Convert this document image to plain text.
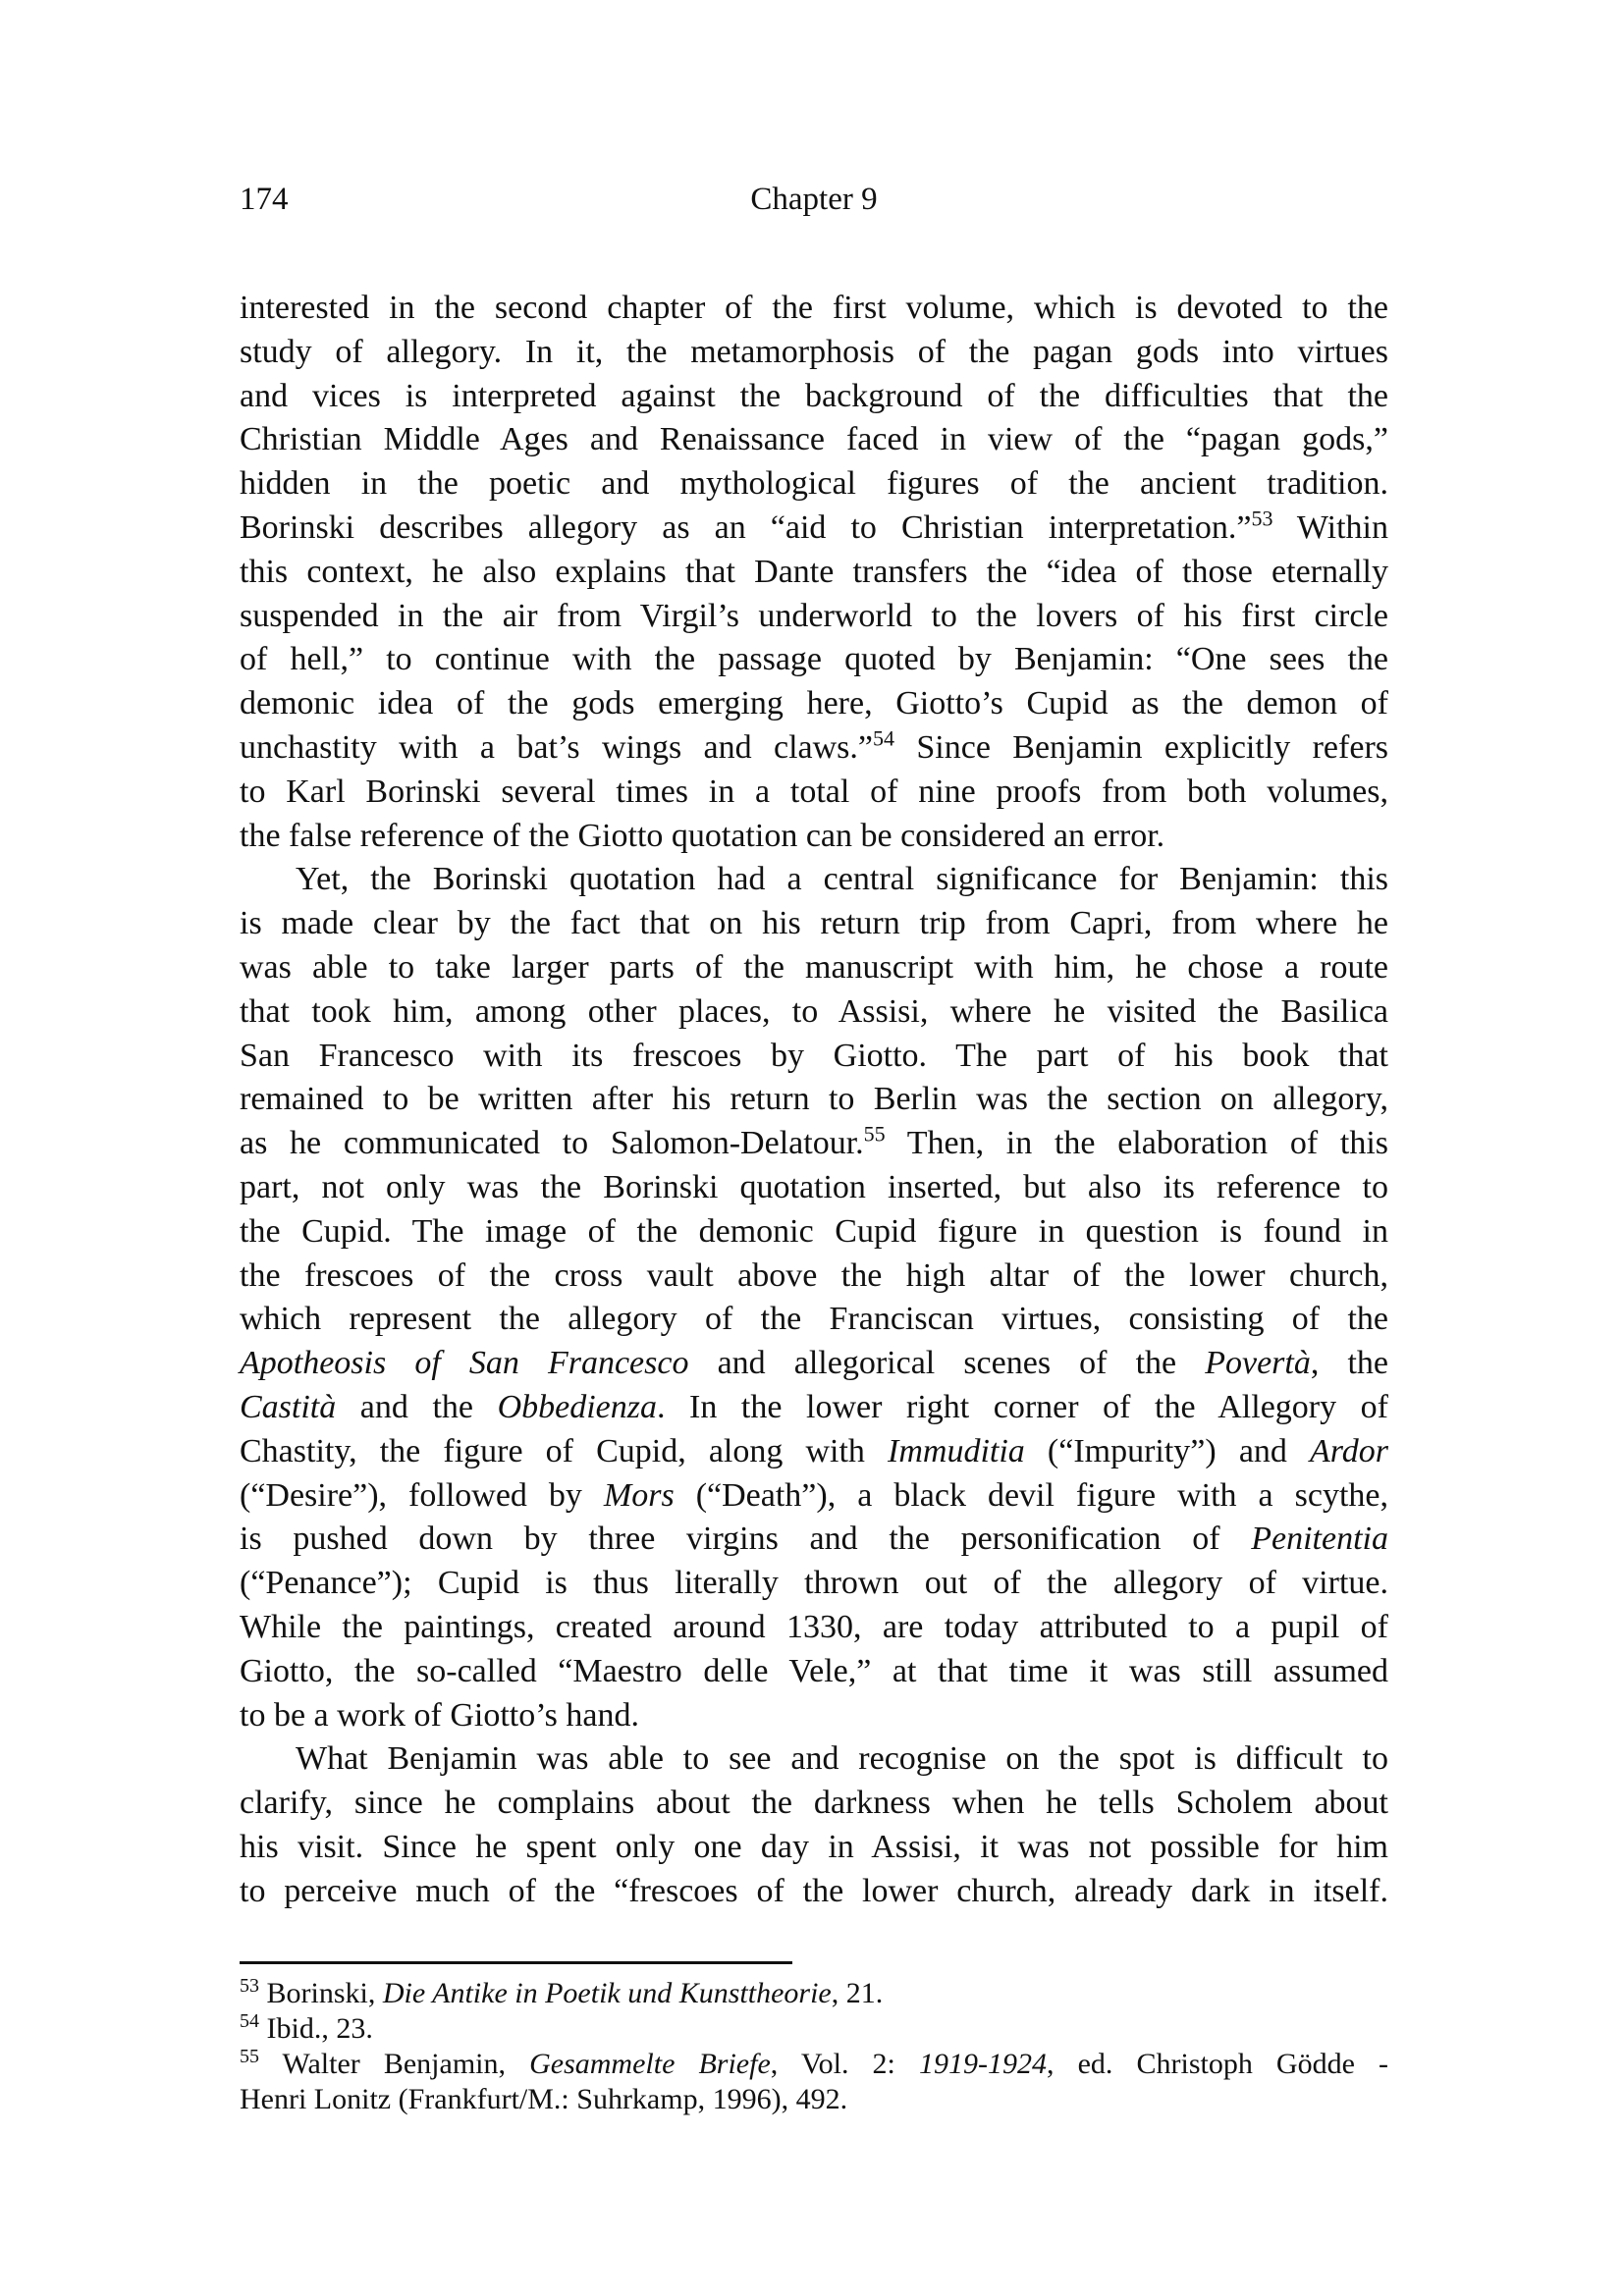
174	Chapter 9

interested in the second chapter of the first volume, which is devoted to the
study of allegory. In it, the metamorphosis of the pagan gods into virtues
and vices is interpreted against the background of the difficulties that the
Christian Middle Ages and Renaissance faced in view of the “pagan gods,”
hidden in the poetic and mythological figures of the ancient tradition.
Borinski describes allegory as an “aid to Christian interpretation.”$^{53}$ Within
this context, he also explains that Dante transfers the “idea of those eternally
suspended in the air from Virgil’s underworld to the lovers of his first circle
of hell,” to continue with the passage quoted by Benjamin: “One sees the
demonic idea of the gods emerging here, Giotto’s Cupid as the demon of
unchastity with a bat’s wings and claws.”$^{54}$ Since Benjamin explicitly refers
to Karl Borinski several times in a total of nine proofs from both volumes,
the false reference of the Giotto quotation can be considered an error.

Yet, the Borinski quotation had a central significance for Benjamin: this
is made clear by the fact that on his return trip from Capri, from where he
was able to take larger parts of the manuscript with him, he chose a route
that took him, among other places, to Assisi, where he visited the Basilica
San Francesco with its frescoes by Giotto. The part of his book that
remained to be written after his return to Berlin was the section on allegory,
as he communicated to Salomon-Delatour.$^{55}$ Then, in the elaboration of this
part, not only was the Borinski quotation inserted, but also its reference to
the Cupid. The image of the demonic Cupid figure in question is found in
the frescoes of the cross vault above the high altar of the lower church,
which represent the allegory of the Franciscan virtues, consisting of the
Apotheosis of San Francesco and allegorical scenes of the Povertà, the
Castità and the Obbedienza. In the lower right corner of the Allegory of
Chastity, the figure of Cupid, along with Immuditia (“Impurity”) and Ardor
(“Desire”), followed by Mors (“Death”), a black devil figure with a scythe,
is pushed down by three virgins and the personification of Penitentia
(“Penance”); Cupid is thus literally thrown out of the allegory of virtue.
While the paintings, created around 1330, are today attributed to a pupil of
Giotto, the so-called “Maestro delle Vele,” at that time it was still assumed
to be a work of Giotto’s hand.

What Benjamin was able to see and recognise on the spot is difficult to
clarify, since he complains about the darkness when he tells Scholem about
his visit. Since he spent only one day in Assisi, it was not possible for him
to perceive much of the “frescoes of the lower church, already dark in itself.

$^{53}$ Borinski, Die Antike in Poetik und Kunsttheorie, 21.

$^{54}$ Ibid., 23.

$^{55}$ Walter Benjamin, Gesammelte Briefe, Vol. 2: 1919-1924, ed. Christoph Gödde -
Henri Lonitz (Frankfurt/M.: Suhrkamp, 1996), 492.
